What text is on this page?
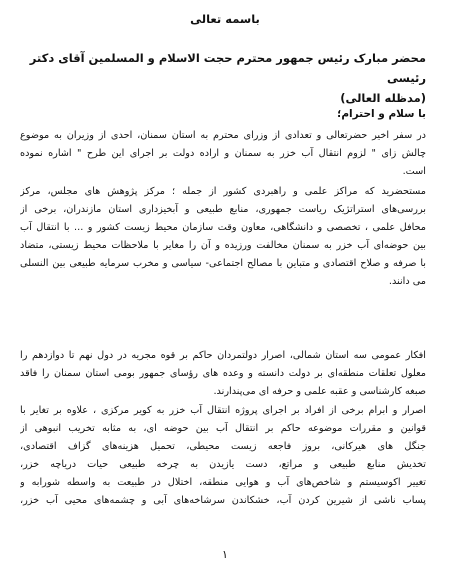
باسمه تعالی
محضر مبارک رئیس جمهور محترم حجت الاسلام و المسلمین آقای دکتر رئیسی
(مدظله العالی)
با سلام و احترام؛
در سفر اخیر حضرتعالی و تعدادی از وزرای محترم به استان سمنان، احدی از وزیران به موضوع
چالش زای " لزوم انتقال آب خزر به سمنان و اراده دولت بر اجرای این طرح " اشاره نموده
است.
مستحضرید که مراکز علمی و راهبردی کشور از جمله ؛ مرکز پژوهش های مجلس، مرکز
بررسی‌های استراتژیک ریاست جمهوری، منابع طبیعی و آبخیزداری استان مازندران، برخی از
محافل علمی ، تخصصی و دانشگاهی، معاون وقت سازمان محیط زیست کشور و ... با انتقال آب
بین حوضه‌ای آب خزر به سمنان مخالفت ورزیده و آن را مغایر با ملاحظات محیط زیستی، متضاد
با صرفه و صلاح اقتصادی و متباین با مصالح اجتماعی- سیاسی و مخرب سرمایه طبیعی بین النسلی
می دانند.
افکار عمومی سه استان شمالی، اصرار دولتمردان حاکم بر قوه مجریه در دول نهم تا دوازدهم را
معلول تعلقات منطقه‌ای بر دولت دانسته و وعده های رؤسای جمهور بومی استان سمنان را فاقد
صبغه کارشناسی و عقبه علمی و حرفه ای می‌پندارند.
اصرار و ابرام برخی از افراد بر اجرای پروژه انتقال آب خزر به کویر مرکزی ، علاوه بر تغایر با
قوانین و مقررات موضوعه حاکم بر انتقال آب بین حوضه ای، به مثابه تخریب انبوهی از
جنگل های هیرکانی، بروز فاجعه زیست محیطی، تحمیل هزینه‌های گزاف اقتصادی،
تخدیش منابع طبیعی و مراتع، دست یازیدن به چرخه طبیعی حیات دریاچه خزر،
تغییر اکوسیستم و شاخص‌های آب و هوایی منطقه، اختلال در طبیعت به واسطه شورابه و
پساب ناشی از شیرین کردن آب، خشکاندن سرشاخه‌های آبی و چشمه‌های محیی آب خزر،
۱
